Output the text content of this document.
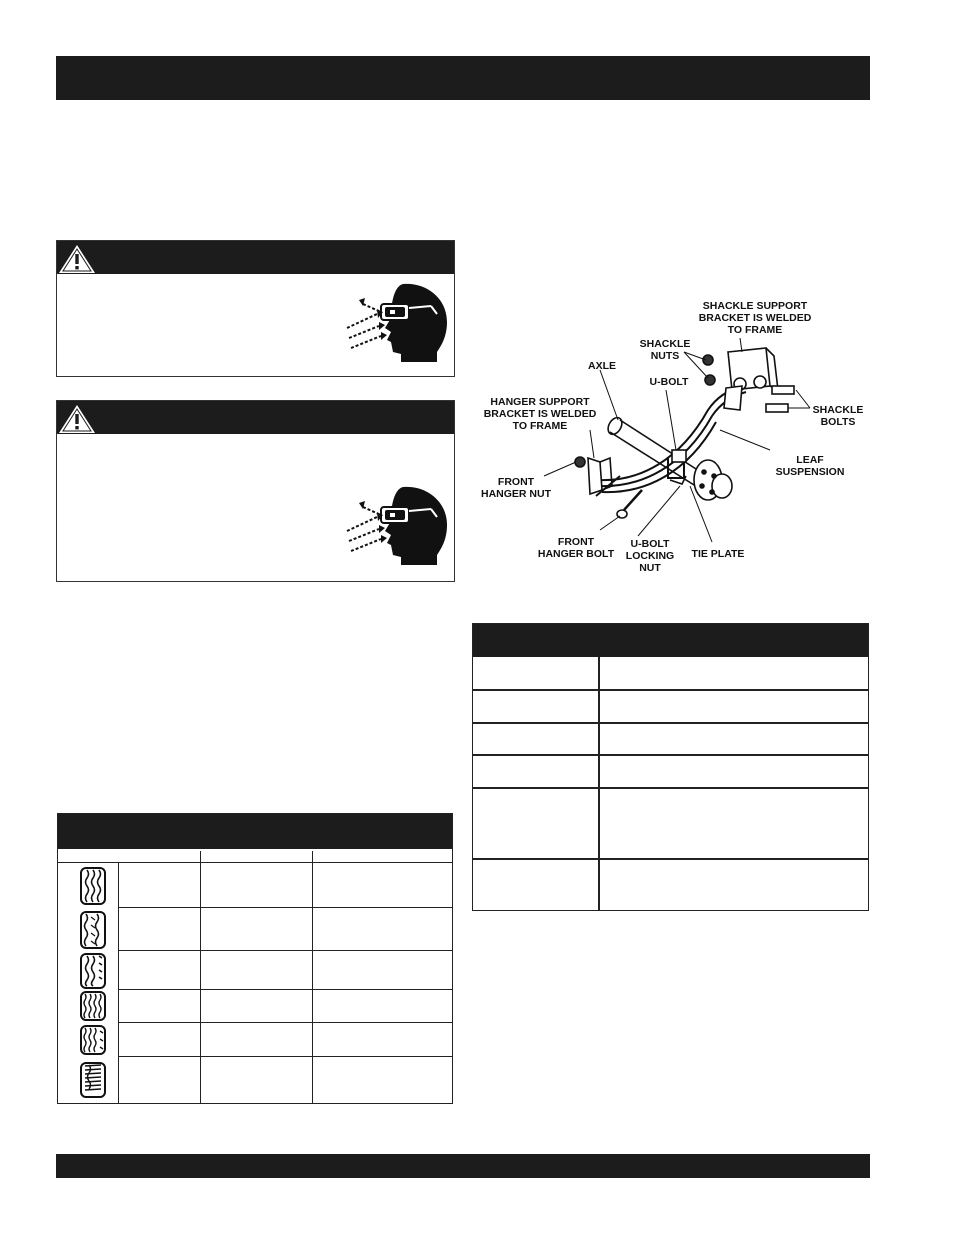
SHACKLE SUPPORT
BRACKET IS WELDED
TO FRAME
SHACKLE
NUTS
AXLE
U-BOLT
HANGER SUPPORT
BRACKET IS WELDED
TO FRAME
SHACKLE
BOLTS
LEAF
SUSPENSION
FRONT
HANGER NUT
FRONT
HANGER BOLT
U-BOLT
LOCKING
NUT
TIE PLATE
